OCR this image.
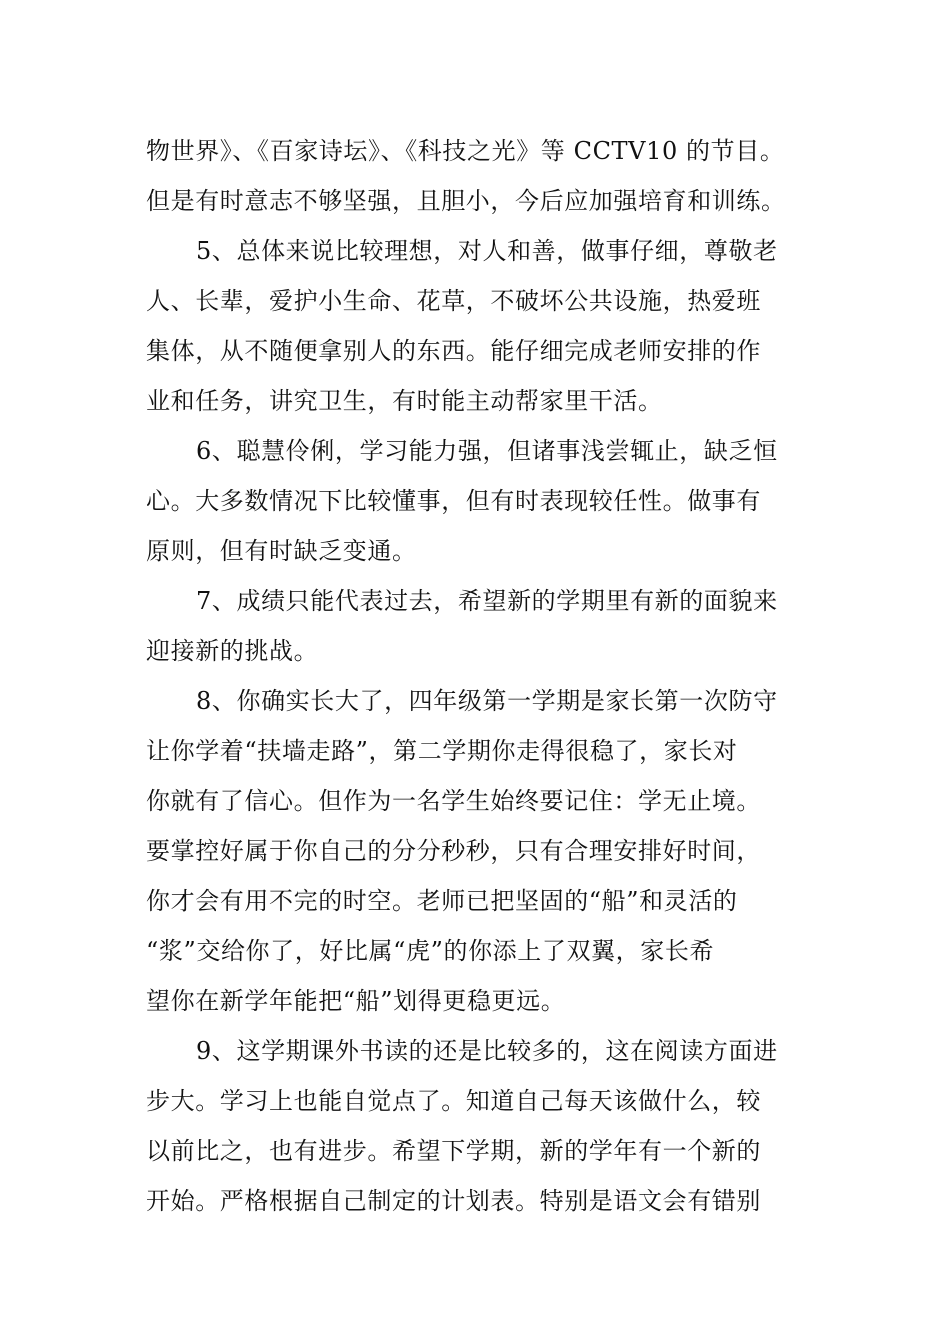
物世界》、《百家诗坛》、《科技之光》等 CCTV10 的节目。
但是有时意志不够坚强，且胆小，今后应加强培育和训练。
5、总体来说比较理想，对人和善，做事仔细，尊敬老
人、长辈，爱护小生命、花草，不破坏公共设施，热爱班
集体，从不随便拿别人的东西。能仔细完成老师安排的作
业和任务，讲究卫生，有时能主动帮家里干活。
6、聪慧伶俐，学习能力强，但诸事浅尝辄止，缺乏恒
心。大多数情况下比较懂事，但有时表现较任性。做事有
原则，但有时缺乏变通。
7、成绩只能代表过去，希望新的学期里有新的面貌来
迎接新的挑战。
8、你确实长大了，四年级第一学期是家长第一次防守
让你学着“扶墙走路”，第二学期你走得很稳了，家长对
你就有了信心。但作为一名学生始终要记住：学无止境。
要掌控好属于你自己的分分秒秒，只有合理安排好时间，
你才会有用不完的时空。老师已把坚固的“船”和灵活的
“浆”交给你了，好比属“虎”的你添上了双翼，家长希
望你在新学年能把“船”划得更稳更远。
9、这学期课外书读的还是比较多的，这在阅读方面进
步大。学习上也能自觉点了。知道自己每天该做什么，较
以前比之，也有进步。希望下学期，新的学年有一个新的
开始。严格根据自己制定的计划表。特别是语文会有错别
